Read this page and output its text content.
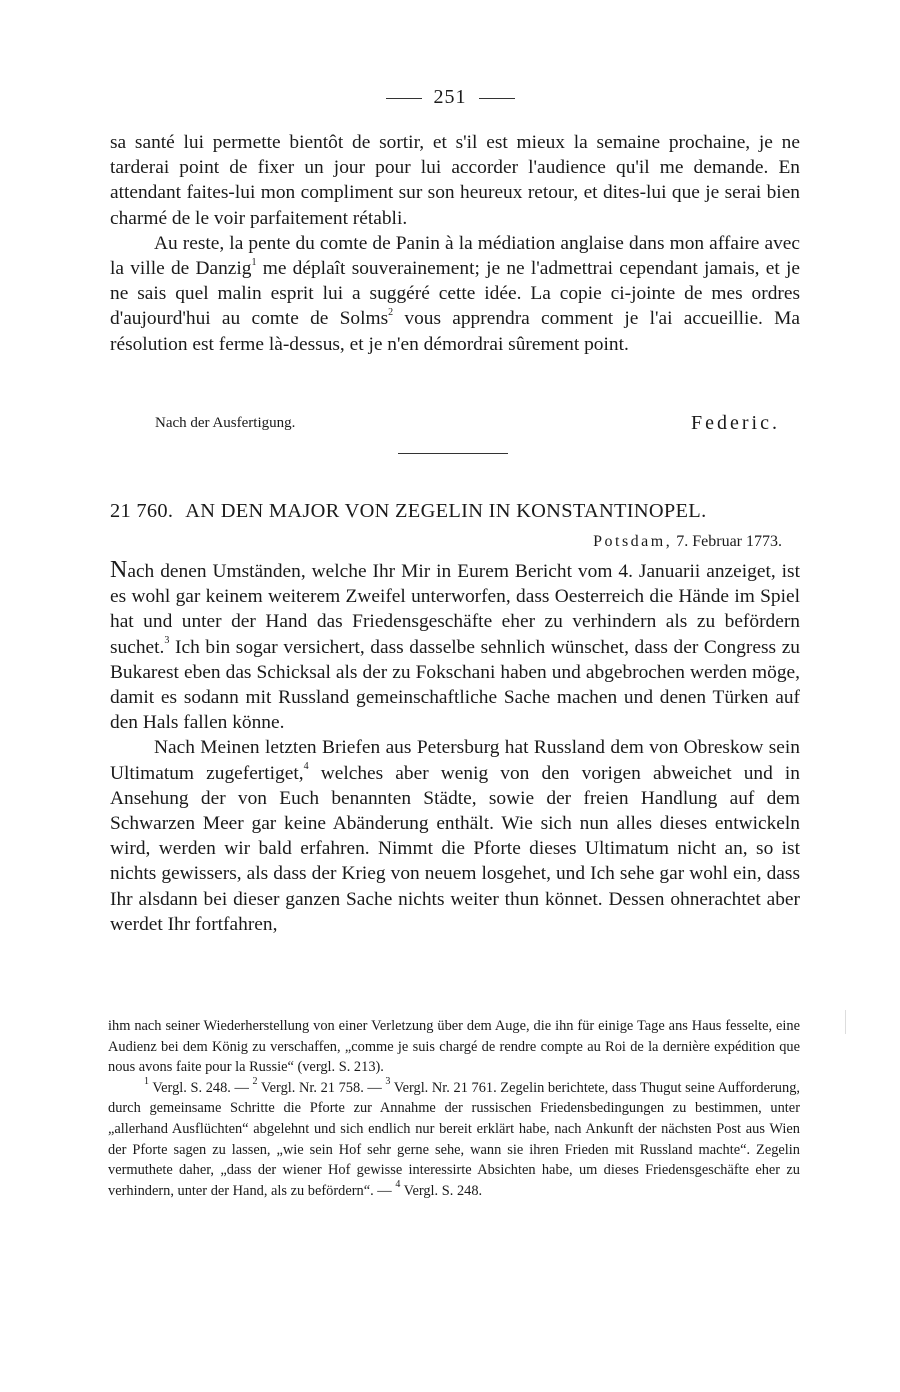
251

sa santé lui permette bientôt de sortir, et s'il est mieux la semaine prochaine, je ne tarderai point de fixer un jour pour lui accorder l'audience qu'il me demande. En attendant faites-lui mon compliment sur son heureux retour, et dites-lui que je serai bien charmé de le voir parfaitement rétabli.

Au reste, la pente du comte de Panin à la médiation anglaise dans mon affaire avec la ville de Danzig$^1$ me déplaît souverainement; je ne l'admettrai cependant jamais, et je ne sais quel malin esprit lui a suggéré cette idée. La copie ci-jointe de mes ordres d'aujourd'hui au comte de Solms$^2$ vous apprendra comment je l'ai accueillie. Ma résolution est ferme là-dessus, et je n'en démordrai sûrement point.

Nach der Ausfertigung.	Federic.
21 760. AN DEN MAJOR VON ZEGELIN IN KONSTANTINOPEL.
Potsdam, 7. Februar 1773.

Nach denen Umständen, welche Ihr Mir in Eurem Bericht vom 4. Januarii anzeiget, ist es wohl gar keinem weiterem Zweifel unterworfen, dass Oesterreich die Hände im Spiel hat und unter der Hand das Friedensgeschäfte eher zu verhindern als zu befördern suchet.$^3$ Ich bin sogar versichert, dass dasselbe sehnlich wünschet, dass der Congress zu Bukarest eben das Schicksal als der zu Fokschani haben und abgebrochen werden möge, damit es sodann mit Russland gemeinschaftliche Sache machen und denen Türken auf den Hals fallen könne.

Nach Meinen letzten Briefen aus Petersburg hat Russland dem von Obreskow sein Ultimatum zugefertiget,$^4$ welches aber wenig von den vorigen abweichet und in Ansehung der von Euch benannten Städte, sowie der freien Handlung auf dem Schwarzen Meer gar keine Abänderung enthält. Wie sich nun alles dieses entwickeln wird, werden wir bald erfahren. Nimmt die Pforte dieses Ultimatum nicht an, so ist nichts gewissers, als dass der Krieg von neuem losgehet, und Ich sehe gar wohl ein, dass Ihr alsdann bei dieser ganzen Sache nichts weiter thun könnet. Dessen ohnerachtet aber werdet Ihr fortfahren,

ihm nach seiner Wiederherstellung von einer Verletzung über dem Auge, die ihn für einige Tage ans Haus fesselte, eine Audienz bei dem König zu verschaffen, „comme je suis chargé de rendre compte au Roi de la dernière expédition que nous avons faite pour la Russie“ (vergl. S. 213).

$^1$ Vergl. S. 248. — $^2$ Vergl. Nr. 21 758. — $^3$ Vergl. Nr. 21 761. Zegelin berichtete, dass Thugut seine Aufforderung, durch gemeinsame Schritte die Pforte zur Annahme der russischen Friedensbedingungen zu bestimmen, unter „allerhand Ausflüchten“ abgelehnt und sich endlich nur bereit erklärt habe, nach Ankunft der nächsten Post aus Wien der Pforte sagen zu lassen, „wie sein Hof sehr gerne sehe, wann sie ihren Frieden mit Russland machte“. Zegelin vermuthete daher, „dass der wiener Hof gewisse interessirte Absichten habe, um dieses Friedensgeschäfte eher zu verhindern, unter der Hand, als zu befördern“. — $^4$ Vergl. S. 248.
